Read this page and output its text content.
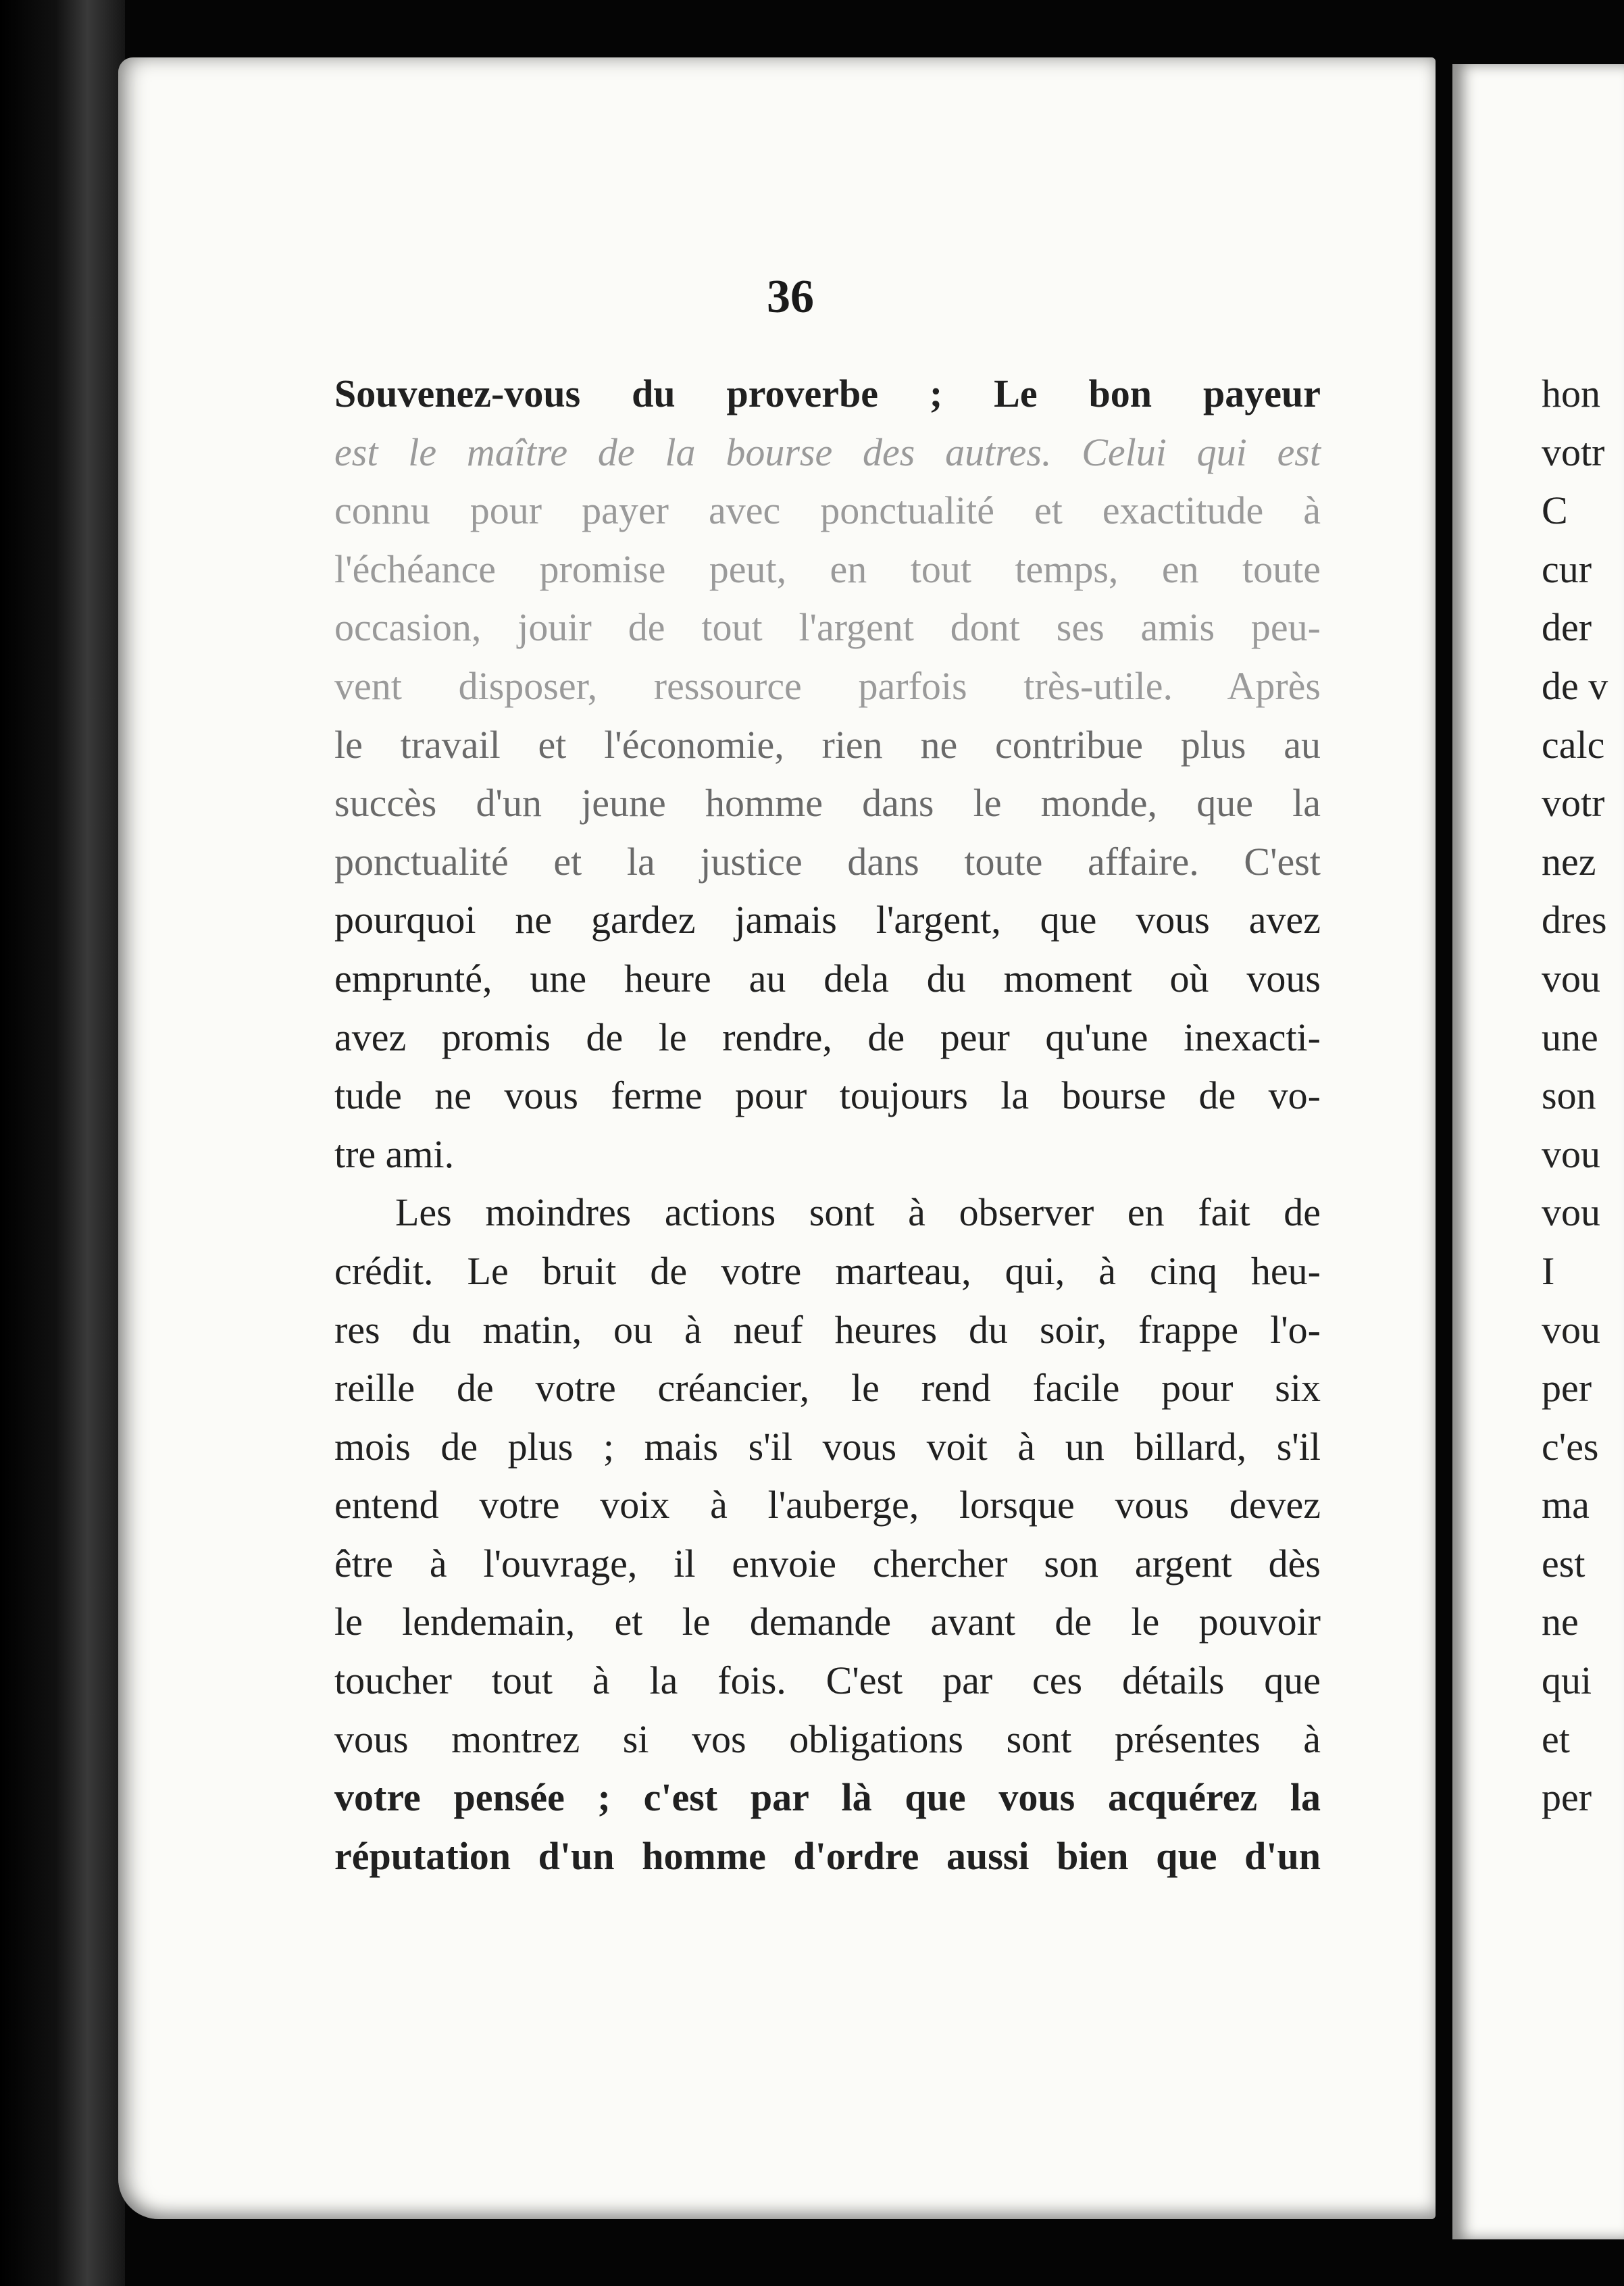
36
Souvenez-vous du proverbe ; Le bon payeur
est le maître de la bourse des autres. Celui qui est
connu pour payer avec ponctualité et exactitude à
l'échéance promise peut, en tout temps, en toute
occasion, jouir de tout l'argent dont ses amis peu-
vent disposer, ressource parfois très-utile. Après
le travail et l'économie, rien ne contribue plus au
succès d'un jeune homme dans le monde, que la
ponctualité et la justice dans toute affaire. C'est
pourquoi ne gardez jamais l'argent, que vous avez
emprunté, une heure au dela du moment où vous
avez promis de le rendre, de peur qu'une inexacti-
tude ne vous ferme pour toujours la bourse de vo-
tre ami.
Les moindres actions sont à observer en fait de
crédit. Le bruit de votre marteau, qui, à cinq heu-
res du matin, ou à neuf heures du soir, frappe l'o-
reille de votre créancier, le rend facile pour six
mois de plus ; mais s'il vous voit à un billard, s'il
entend votre voix à l'auberge, lorsque vous devez
être à l'ouvrage, il envoie chercher son argent dès
le lendemain, et le demande avant de le pouvoir
toucher tout à la fois. C'est par ces détails que
vous montrez si vos obligations sont présentes à
votre pensée ; c'est par là que vous acquérez la
réputation d'un homme d'ordre aussi bien que d'un
hon
votr
C
cur
der
de v
calc
votr
nez
dres
vou
une
son
vou
vou
I
vou
per
c'es
ma
est
ne
qui
et
per
